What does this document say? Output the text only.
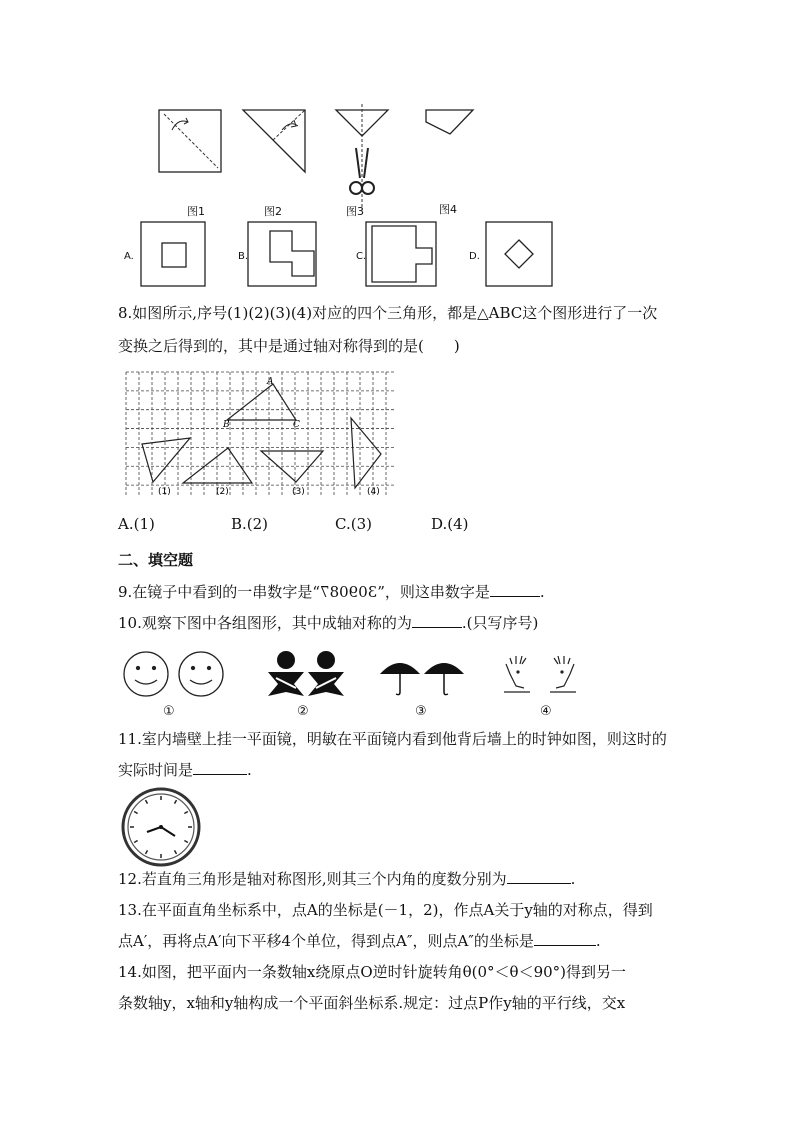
图1	图2	图3	图4
A.	B.	C.	D.
8.如图所示,序号(1)(2)(3)(4)对应的四个三角形，都是△ABC这个图形进行了一次
变换之后得到的，其中是通过轴对称得到的是(　　)
A
B	C
(1)	(2)	(3)	(4)
A.(1)	B.(2)	C.(3)	D.(4)
二、填空题
9.在镜子中看到的一串数字是“309087”，则这串数字是	.
10.观察下图中各组图形，其中成轴对称的为	.(只写序号)
①	②	③	④
11.室内墙壁上挂一平面镜，明敏在平面镜内看到他背后墙上的时钟如图，则这时的
实际时间是	.
12.若直角三角形是轴对称图形,则其三个内角的度数分别为	.
13.在平面直角坐标系中，点A的坐标是(－1，2)，作点A关于y轴的对称点，得到
点A′，再将点A′向下平移4个单位，得到点A″，则点A″的坐标是	.
14.如图，把平面内一条数轴x绕原点O逆时针旋转角θ(0°＜θ＜90°)得到另一
条数轴y，x轴和y轴构成一个平面斜坐标系.规定：过点P作y轴的平行线，交x
